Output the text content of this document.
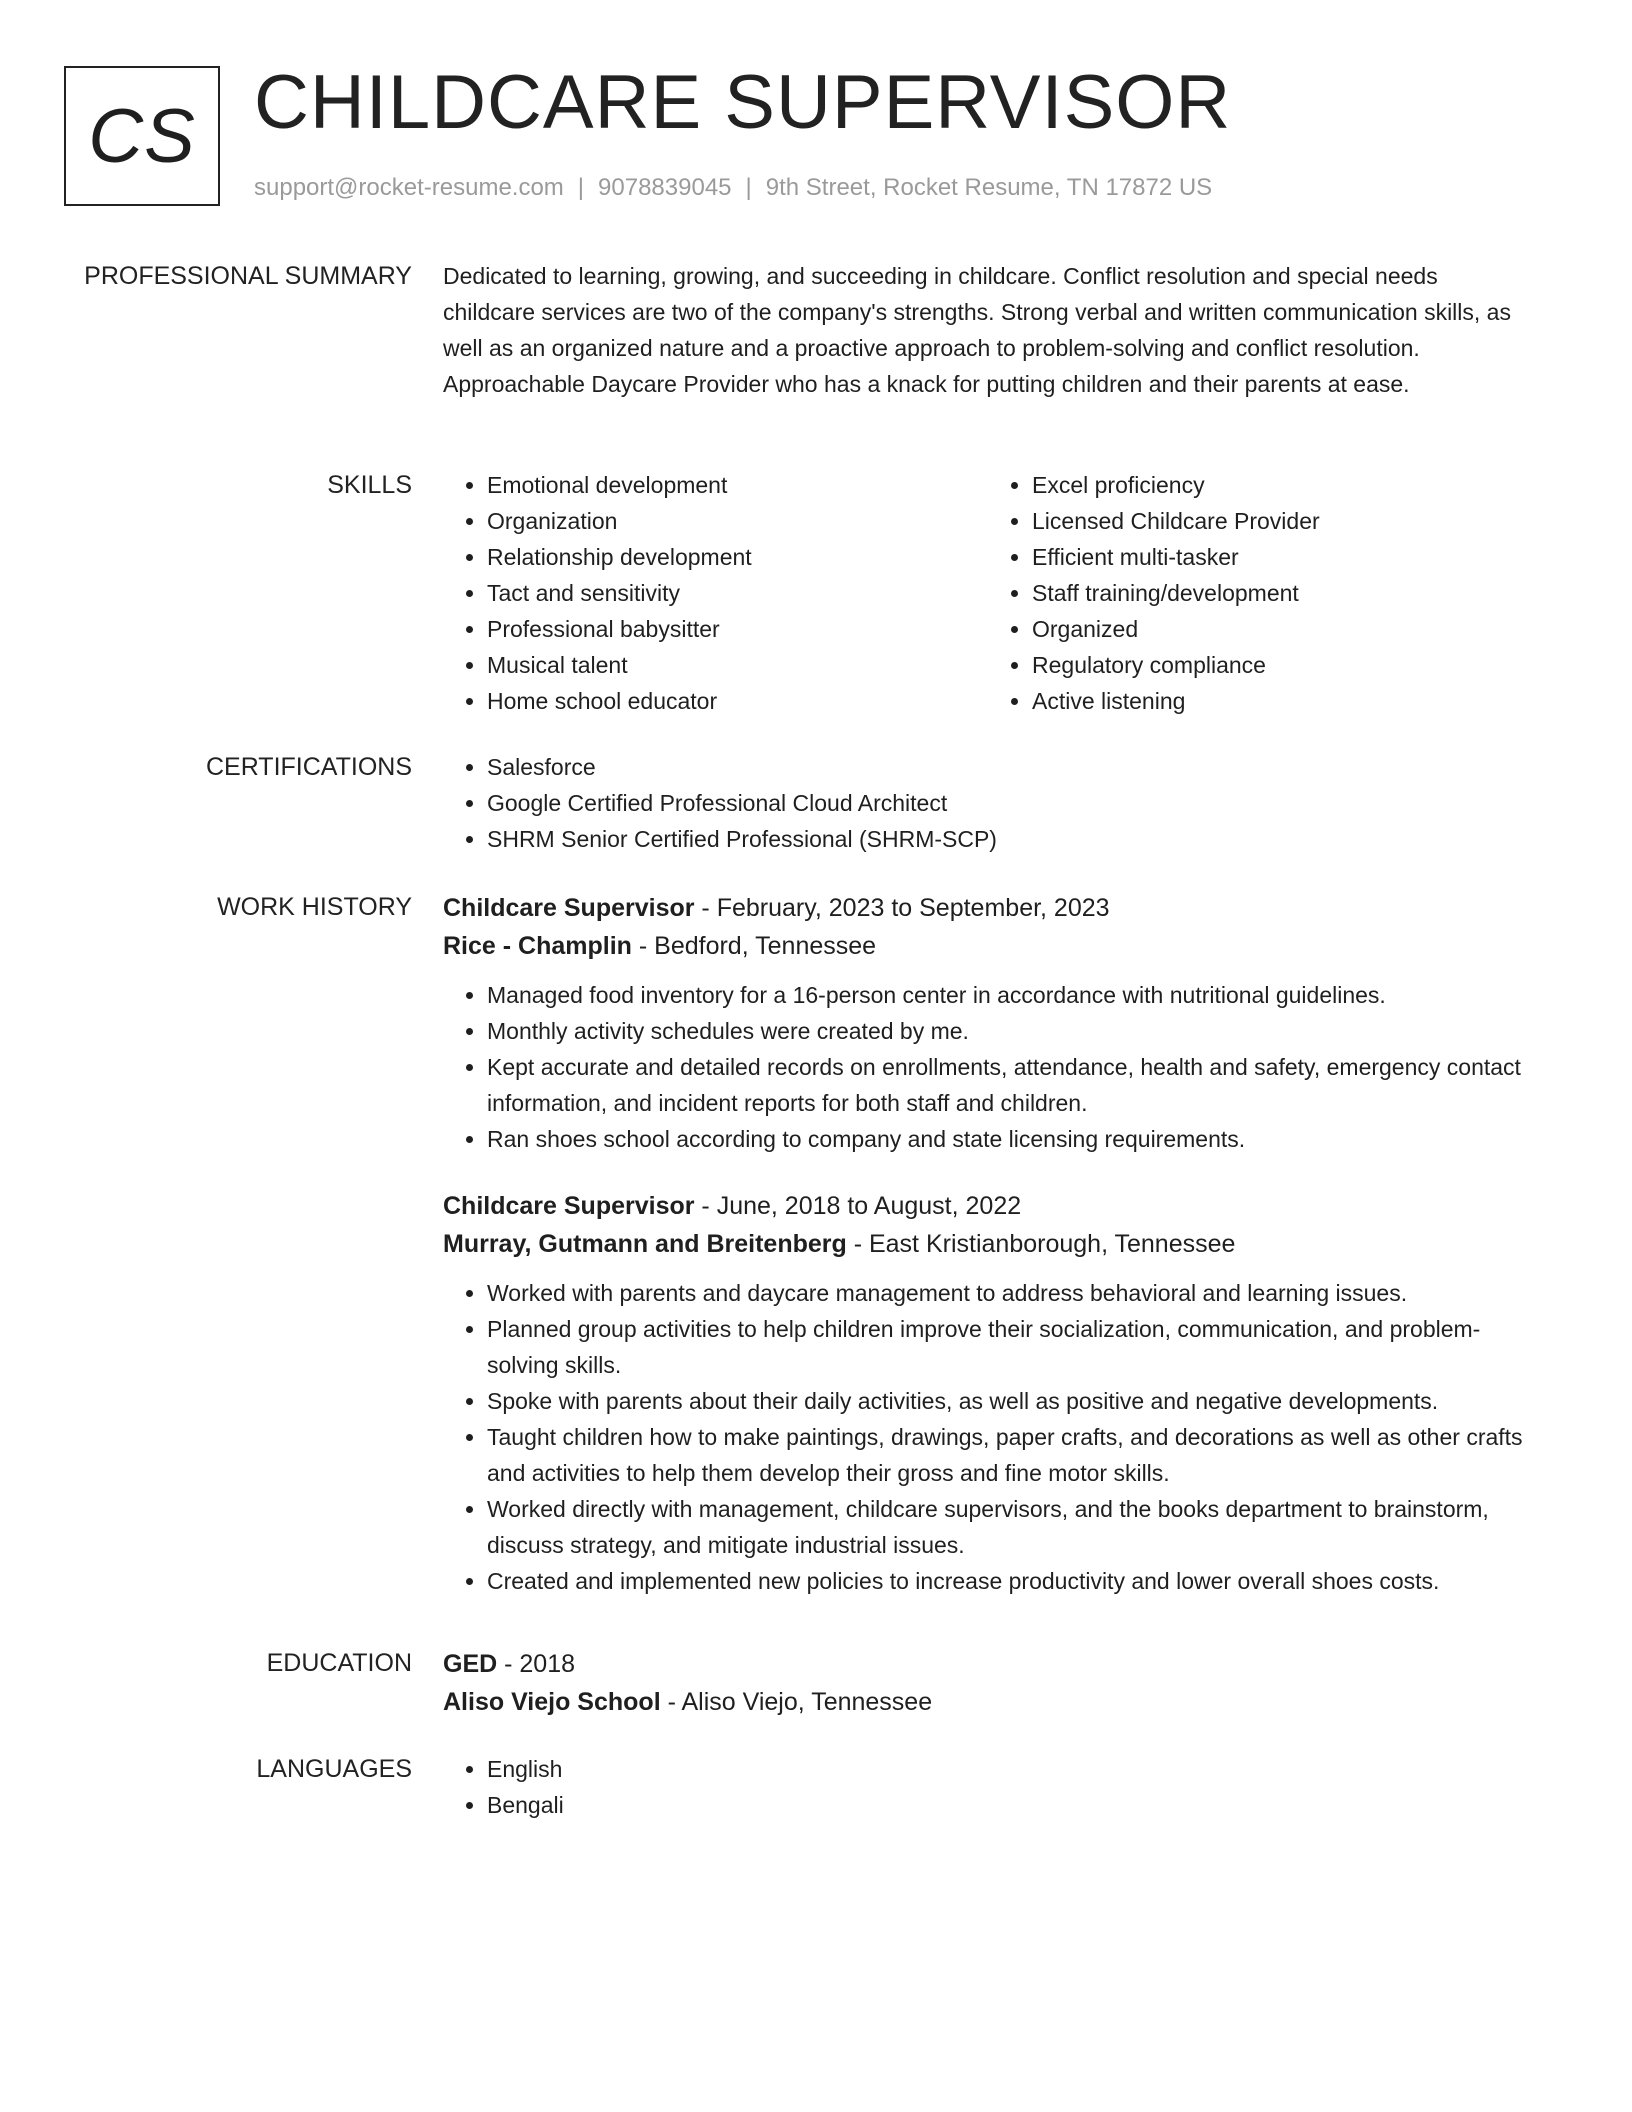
CS CHILDCARE SUPERVISOR
support@rocket-resume.com | 9078839045 | 9th Street, Rocket Resume, TN 17872 US
PROFESSIONAL SUMMARY Dedicated to learning, growing, and succeeding in childcare. Conflict resolution and special needs childcare services are two of the company's strengths. Strong verbal and written communication skills, as well as an organized nature and a proactive approach to problem-solving and conflict resolution. Approachable Daycare Provider who has a knack for putting children and their parents at ease.
SKILLS	• Emotional development
• Organization
• Relationship development
• Tact and sensitivity
• Professional babysitter
• Musical talent
• Home school educator
• Excel proficiency
• Licensed Childcare Provider
• Efficient multi-tasker
• Staff training/development
• Organized
• Regulatory compliance
• Active listening
CERTIFICATIONS	• Salesforce
• Google Certified Professional Cloud Architect
• SHRM Senior Certified Professional (SHRM-SCP)
WORK HISTORY Childcare Supervisor - February, 2023 to September, 2023
Rice - Champlin - Bedford, Tennessee
• Managed food inventory for a 16-person center in accordance with nutritional guidelines.
• Monthly activity schedules were created by me.
• Kept accurate and detailed records on enrollments, attendance, health and safety, emergency contact information, and incident reports for both staff and children.
• Ran shoes school according to company and state licensing requirements.
Childcare Supervisor - June, 2018 to August, 2022
Murray, Gutmann and Breitenberg - East Kristianborough, Tennessee
• Worked with parents and daycare management to address behavioral and learning issues.
• Planned group activities to help children improve their socialization, communication, and problem-solving skills.
• Spoke with parents about their daily activities, as well as positive and negative developments.
• Taught children how to make paintings, drawings, paper crafts, and decorations as well as other crafts and activities to help them develop their gross and fine motor skills.
• Worked directly with management, childcare supervisors, and the books department to brainstorm, discuss strategy, and mitigate industrial issues.
• Created and implemented new policies to increase productivity and lower overall shoes costs.
EDUCATION GED - 2018
Aliso Viejo School - Aliso Viejo, Tennessee
LANGUAGES	• English
• Bengali
